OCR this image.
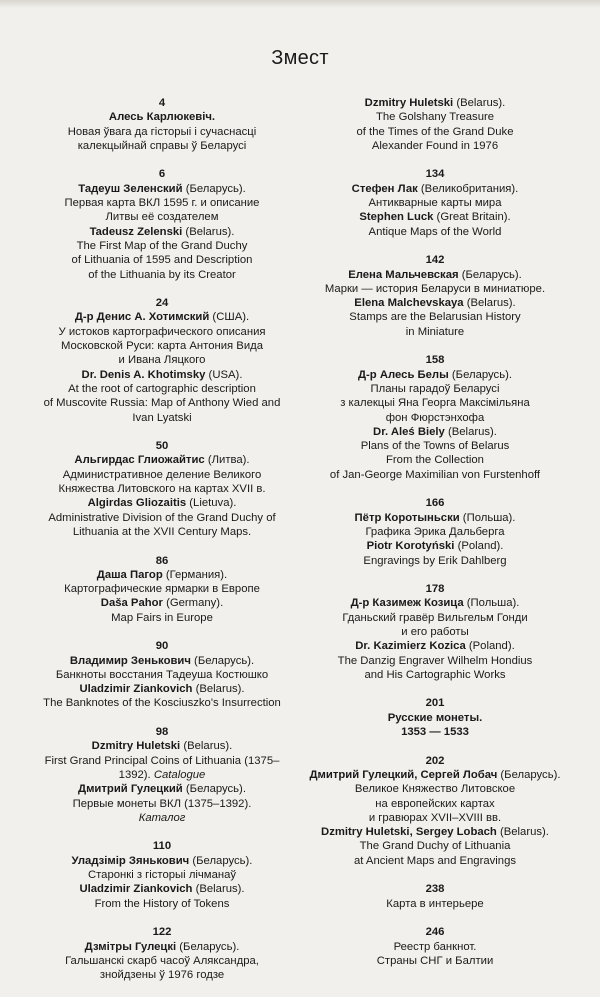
Змест
4
Алесь Карлюкевіч.
Новая ўвага да гісторыі і сучаснасці
калекцыйнай справы ў Беларусі
6
Тадеуш Зеленский (Беларусь).
Первая карта ВКЛ 1595 г. и описание
Литвы её создателем
Tadeusz Zelenski (Belarus).
The First Map of the Grand Duchy
of Lithuania of 1595 and Description
of the Lithuania by its Creator
24
Д-р Денис А. Хотимский (США).
У истоков картографического описания
Московской Руси: карта Антония Вида
и Ивана Ляцкого
Dr. Denis A. Khotimsky (USA).
At the root of cartographic description
of Muscovite Russia: Map of Anthony Wied and
Ivan Lyatski
50
Альгирдас Глиожайтис (Литва).
Административное деление Великого
Княжества Литовского на картах XVII в.
Algirdas Gliozaitis (Lietuva).
Administrative Division of the Grand Duchy of
Lithuania at the XVII Century Maps.
86
Даша Пагор (Германия).
Картографические ярмарки в Европе
Daša Pahor (Germany).
Map Fairs in Europe
90
Владимир Зенькович (Беларусь).
Банкноты восстания Тадеуша Костюшко
Uladzimir Ziankovich (Belarus).
The Banknotes of the Kosciuszko's Insurrection
98
Dzmitry Huletski (Belarus).
First Grand Principal Coins of Lithuania (1375–
1392). Catalogue
Дмитрий Гулецкий (Беларусь).
Первые монеты ВКЛ (1375–1392).
Каталог
110
Уладзімір Зянькович (Беларусь).
Старонкі з гісторыі лічманаў
Uladzimir Ziankovich (Belarus).
From the History of Tokens
122
Дзмітры Гулецкі (Беларусь).
Гальшанскі скарб часоў Аляксандра,
знойдзены ў 1976 годзе
Dzmitry Huletski (Belarus).
The Golshany Treasure
of the Times of the Grand Duke
Alexander Found in 1976
134
Стефен Лак (Великобритания).
Антикварные карты мира
Stephen Luck (Great Britain).
Antique Maps of the World
142
Елена Мальчевская (Беларусь).
Марки — история Беларуси в миниатюре.
Elena Malchevskaya (Belarus).
Stamps are the Belarusian History
in Miniature
158
Д-р Алесь Белы (Беларусь).
Планы гарадоў Беларусі
з калекцыі Яна Георга Максімільяна
фон Фюрстэнхофа
Dr. Aleś Biely (Belarus).
Plans of the Towns of Belarus
From the Collection
of Jan-George Maximilian von Furstenhoff
166
Пётр Коротыньски (Польша).
Графика Эрика Дальберга
Piotr Korotyński (Poland).
Engravings by Erik Dahlberg
178
Д-р Казимеж Козица (Польша).
Гданьский гравёр Вильгельм Гонди
и его работы
Dr. Kazimierz Kozica (Poland).
The Danzig Engraver Wilhelm Hondius
and His Cartographic Works
201
Русские монеты.
1353 — 1533
202
Дмитрий Гулецкий, Сергей Лобач (Беларусь).
Великое Княжество Литовское
на европейских картах
и гравюрах XVII–XVIII вв.
Dzmitry Huletski, Sergey Lobach (Belarus).
The Grand Duchy of Lithuania
at Ancient Maps and Engravings
238
Карта в интерьере
246
Реестр банкнот.
Страны СНГ и Балтии
